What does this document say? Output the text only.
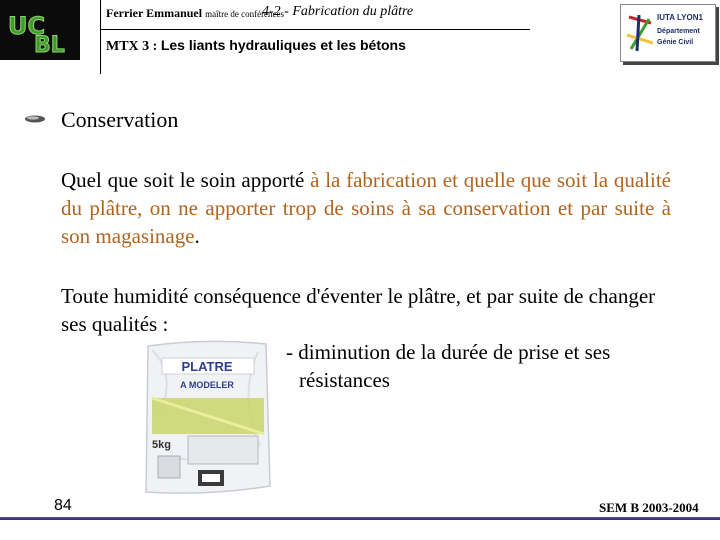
UC
BL
Ferrier Emmanuel maître de conférences
4-2 - Fabrication du plâtre
MTX 3 : Les liants hydrauliques et les bétons
IUTA LYON1
Département
Génie Civil
Conservation

Quel que soit le soin apporté à la fabrication et quelle que soit la qualité du plâtre, on ne apporter trop de soins à sa conservation et par suite à son magasinage.

Toute humidité conséquence d'éventer le plâtre, et par suite de changer ses qualités :

- diminution de la durée de prise et ses
résistances

PLATRE
A MODELER
5kg
84	SEM B 2003-2004
